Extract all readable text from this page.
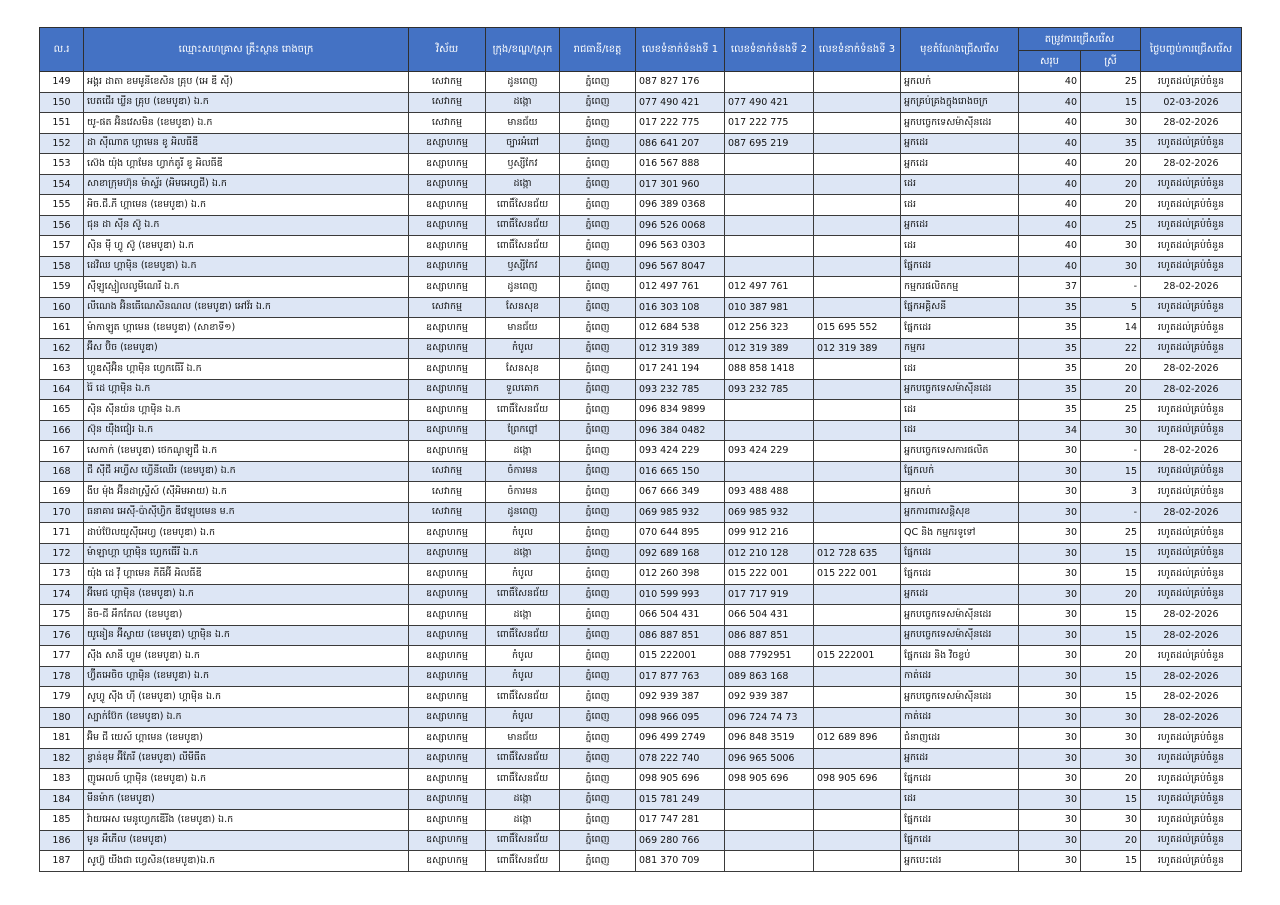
ល.រ	ឈ្មោះសហគ្រាស គ្រឹះស្ថាន រោងចក្រ	វិស័យ	ក្រុង/ខណ្ឌ/ស្រុក	រាជធានី/ខេត្ត	លេខទំនាក់ទំនងទី 1	លេខទំនាក់ទំនងទី 2	លេខទំនាក់ទំនងទី 3	មុខតំណែងជ្រើសរើស	តម្រូវការជ្រើសរើស		ថ្ងៃបញ្ចប់ការជ្រើសរើស
									សរុប	ស្រី	
149	អង្គរ ដាតា ខមមូនីខេសិន គ្រុប (អេ ឌី ស៊ី)	សេវាកម្ម	ដូនពេញ	ភ្នំពេញ	087 827 176			អ្នកលក់	40	25	រហូតដល់គ្រប់ចំនួន
150	បេតជើរ ឃ្លីន គ្រុប (ខេមបូឌា) ឯ.ក	សេវាកម្ម	ដង្កោ	ភ្នំពេញ	077 490 421	077 490 421		អ្នកគ្រប់គ្រងក្នុងរោងចក្រ	40	15	02-03-2026
151	យូ-ផត អ៊ិនវេសមិន (ខេមបូឌា) ឯ.ក	សេវាកម្ម	មានជ័យ	ភ្នំពេញ	017 222 775	017 222 775		អ្នកបច្ចេកទេសម៉ាស៊ីនដេរ	40	30	28-02-2026
152	ដា ស៊ីណាត ហ្គាមេន ខូ អិលធីឌី	ឧស្សាហកម្ម	ច្បារអំពៅ	ភ្នំពេញ	086 641 207	087 695 219		អ្នកដេរ	40	35	រហូតដល់គ្រប់ចំនួន
153	ស៊េង យ៉ុង ហ្គាមែន ហ្វាក់តូរី ខូ អិលធីឌី	ឧស្សាហកម្ម	ឫស្សីកែវ	ភ្នំពេញ	016 567 888			អ្នកដេរ	40	20	28-02-2026
154	សាខាក្រុមហ៊ុន ម៉ាស្ទ័រ (អិមអេហ្វជី) ឯ.ក	ឧស្សាហកម្ម	ដង្កោ	ភ្នំពេញ	017 301 960			ដេរ	40	20	រហូតដល់គ្រប់ចំនួន
155	អិច.ជី.ភី ហ្គាមេន (ខេមបូឌា) ឯ.ក	ឧស្សាហកម្ម	ពោធិ៍សែនជ័យ	ភ្នំពេញ	096 389 0368			ដេរ	40	20	រហូតដល់គ្រប់ចំនួន
156	ជុន ដា ស៊ីន ស៊ូ ឯ.ក	ឧស្សាហកម្ម	ពោធិ៍សែនជ័យ	ភ្នំពេញ	096 526 0068			អ្នកដេរ	40	25	រហូតដល់គ្រប់ចំនួន
157	ស៊ិន មុី ហ្វូ ស៊ូ (ខេមបូឌា) ឯ.ក	ឧស្សាហកម្ម	ពោធិ៍សែនជ័យ	ភ្នំពេញ	096 563 0303			ដេរ	40	30	រហូតដល់គ្រប់ចំនួន
158	ដេវិឈ ហ្គាម៉ិន (ខេមបូឌា) ឯ.ក	ឧស្សាហកម្ម	ឫស្សីកែវ	ភ្នំពេញ	096 567 8047			ផ្នែកដេរ	40	30	រហូតដល់គ្រប់ចំនួន
159	ស៊ីឡូស្មៀលលូមីណេរី ឯ.ក	ឧស្សាហកម្ម	ដូនពេញ	ភ្នំពេញ	012 497 761	012 497 761		កម្មករផលិតកម្ម	37	-	28-02-2026
160	លីណេង អ៊ិនធើណេសិនណល (ខេមបូឌា) អៅវ័រ ឯ.ក	សេវាកម្ម	សែនសុខ	ភ្នំពេញ	016 303 108	010 387 981		ផ្នែកអគ្គិសនី	35	5	រហូតដល់គ្រប់ចំនួន
161	ម៉ាកាឡូត ហ្គាមេន (ខេមបូឌា) (សាខាទី១)	ឧស្សាហកម្ម	មានជ័យ	ភ្នំពេញ	012 684 538	012 256 323	015 695 552	ផ្នែកដេរ	35	14	រហូតដល់គ្រប់ចំនួន
162	អ៊ីស ប៊ិច (ខេមបូឌា)	ឧស្សាហកម្ម	កំបូល	ភ្នំពេញ	012 319 389	012 319 389	012 319 389	កម្មករ	35	22	រហូតដល់គ្រប់ចំនួន
163	ហ្គូឌស៊ីអ៊ិន ហ្គាម៉ិន ហ្វេកធើរី ឯ.ក	ឧស្សាហកម្ម	សែនសុខ	ភ្នំពេញ	017 241 194	088 858 1418		ដេរ	35	20	28-02-2026
164	រ៉ៃ ដេ ហ្គាម៉ិន ឯ.ក	ឧស្សាហកម្ម	ទួលគោក	ភ្នំពេញ	093 232 785	093 232 785		អ្នកបច្ចេកទេសម៉ាស៊ីនដេរ	35	20	28-02-2026
165	ស៊ិន ស៊ីនយ៉ន ហ្គាម៉ិន ឯ.ក	ឧស្សាហកម្ម	ពោធិ៍សែនជ័យ	ភ្នំពេញ	096 834 9899			ដេរ	35	25	រហូតដល់គ្រប់ចំនួន
166	ស៊ុន យ៉ឺងជៀរ ឯ.ក	ឧស្សាហកម្ម	ព្រែកព្នៅ	ភ្នំពេញ	096 384 0482			ដេរ	34	30	រហូតដល់គ្រប់ចំនួន
167	សេកាក់ (ខេមបូឌា) ថេកណូឡូជី ឯ.ក	ឧស្សាហកម្ម	ដង្កោ	ភ្នំពេញ	093 424 229	093 424 229		អ្នកបច្ចេកទេសការផលិត	30	-	28-02-2026
168	ជី ស៊ីជី អហ្វីស ហ្វើនីឈើរ (ខេមបូឌា) ឯ.ក	សេវាកម្ម	ចំការមន	ភ្នំពេញ	016 665 150			ផ្នែកលក់	30	15	រហូតដល់គ្រប់ចំនួន
169	ងីប ម៉ុង អ៊ីនដាស្ទ្រីស៍ (ស៊ីអិមអាយ) ឯ.ក	សេវាកម្ម	ចំការមន	ភ្នំពេញ	067 666 349	093 488 488		អ្នកលក់	30	3	រហូតដល់គ្រប់ចំនួន
170	ធនាគារ អេស៊ី-ប៉ាស៊ីហ្វិក ឌីវេឡុបមេន ម.ក	សេវាកម្ម	ដូនពេញ	ភ្នំពេញ	069 985 932	069 985 932		អ្នកការពារសន្តិសុខ	30	-	28-02-2026
171	ដាប់ប៊ែលយូស៊ីអេហ្វ (ខេមបូឌា) ឯ.ក	ឧស្សាហកម្ម	កំបូល	ភ្នំពេញ	070 644 895	099 912 216		QC និង កម្មករទូទៅ	30	25	រហូតដល់គ្រប់ចំនួន
172	ម៉ាឡាហ្គា ហ្គាម៉ិន ហ្វេកធើរី ឯ.ក	ឧស្សាហកម្ម	ដង្កោ	ភ្នំពេញ	092 689 168	012 210 128	012 728 635	ផ្នែកដេរ	30	15	រហូតដល់គ្រប់ចំនួន
173	យ៉ុង ដេ វ៉ី ហ្គាមេន ភីធីអ៊ី អិលធីឌី	ឧស្សាហកម្ម	កំបូល	ភ្នំពេញ	012 260 398	015 222 001	015 222 001	ផ្នែកដេរ	30	15	រហូតដល់គ្រប់ចំនួន
174	អ៊ីមេជ ហ្គាម៉ិន (ខេមបូឌា) ឯ.ក	ឧស្សាហកម្ម	ពោធិ៍សែនជ័យ	ភ្នំពេញ	010 599 993	017 717 919		អ្នកដេរ	30	20	រហូតដល់គ្រប់ចំនួន
175	នីច-ជី អឹកភែល (ខេមបូឌា)	ឧស្សាហកម្ម	ដង្កោ	ភ្នំពេញ	066 504 431	066 504 431		អ្នកបច្ចេកទេសម៉ាស៊ីនដេរ	30	15	28-02-2026
176	យូនៀន អ៊ីស្វាយ (ខេមបូឌា) ហ្គាម៉ិន ឯ.ក	ឧស្សាហកម្ម	ពោធិ៍សែនជ័យ	ភ្នំពេញ	086 887 851	086 887 851		អ្នកបច្ចេកទេសម៉ាស៊ីនដេរ	30	15	28-02-2026
177	ស៊ីង សានី ហ្វូម (ខេមបូឌា) ឯ.ក	ឧស្សាហកម្ម	កំបូល	ភ្នំពេញ	015 222001	088 7792951	015 222001	ផ្នែកដេរ និង វិចខ្ចប់	30	20	រហូតដល់គ្រប់ចំនួន
178	ហ្វ៊ីតអេចិច ហ្គាម៉ិន (ខេមបូឌា) ឯ.ក	ឧស្សាហកម្ម	កំបូល	ភ្នំពេញ	017 877 763	089 863 168		កាត់ដេរ	30	15	28-02-2026
179	សូហ្វូ ស៊ីង ហ៊ី (ខេមបូឌា) ហ្គាម៉ិន ឯ.ក	ឧស្សាហកម្ម	ពោធិ៍សែនជ័យ	ភ្នំពេញ	092 939 387	092 939 387		អ្នកបច្ចេកទេសម៉ាស៊ីនដេរ	30	15	28-02-2026
180	ស្បាក់ប៊ែក (ខេមបូឌា) ឯ.ក	ឧស្សាហកម្ម	កំបូល	ភ្នំពេញ	098 966 095	096 724 74 73		កាត់ដេរ	30	30	28-02-2026
181	អ៊ិម ជី យេស៍ ហ្គាមេន (ខេមបូឌា)	ឧស្សាហកម្ម	មានជ័យ	ភ្នំពេញ	096 499 2749	096 848 3519	012 689 896	ជំនាញដេរ	30	30	រហូតដល់គ្រប់ចំនួន
182	ខ្វាន់ខុម អ៊ីភែរី (ខេមបូឌា) លីមីធីត	ឧស្សាហកម្ម	ពោធិ៍សែនជ័យ	ភ្នំពេញ	078 222 740	096 965 5006		អ្នកដេរ	30	30	រហូតដល់គ្រប់ចំនួន
183	ញូអេលច៍ ហ្គាម៉ិន (ខេមបូឌា) ឯ.ក	ឧស្សាហកម្ម	ពោធិ៍សែនជ័យ	ភ្នំពេញ	098 905 696	098 905 696	098 905 696	ផ្នែកដេរ	30	20	រហូតដល់គ្រប់ចំនួន
184	មីនម៉ាក (ខេមបូឌា)	ឧស្សាហកម្ម	ដង្កោ	ភ្នំពេញ	015 781 249			ដេរ	30	15	រហូតដល់គ្រប់ចំនួន
185	វ៉ាយអេស មេនូហ្វេកឌើរីង (ខេមបូឌា) ឯ.ក	ឧស្សាហកម្ម	ដង្កោ	ភ្នំពេញ	017 747 281			ផ្នែកដេរ	30	30	រហូតដល់គ្រប់ចំនួន
186	មូន អឹភើល (ខេមបូឌា)	ឧស្សាហកម្ម	ពោធិ៍សែនជ័យ	ភ្នំពេញ	069 280 766			ផ្នែកដេរ	30	20	រហូតដល់គ្រប់ចំនួន
187	សូហ៊្វ យីងជា ហ្វេសិន(ខេមបូឌា)ឯ.ក	ឧស្សាហកម្ម	ពោធិ៍សែនជ័យ	ភ្នំពេញ	081 370 709			អ្នកបេះដេរ	30	15	រហូតដល់គ្រប់ចំនួន
